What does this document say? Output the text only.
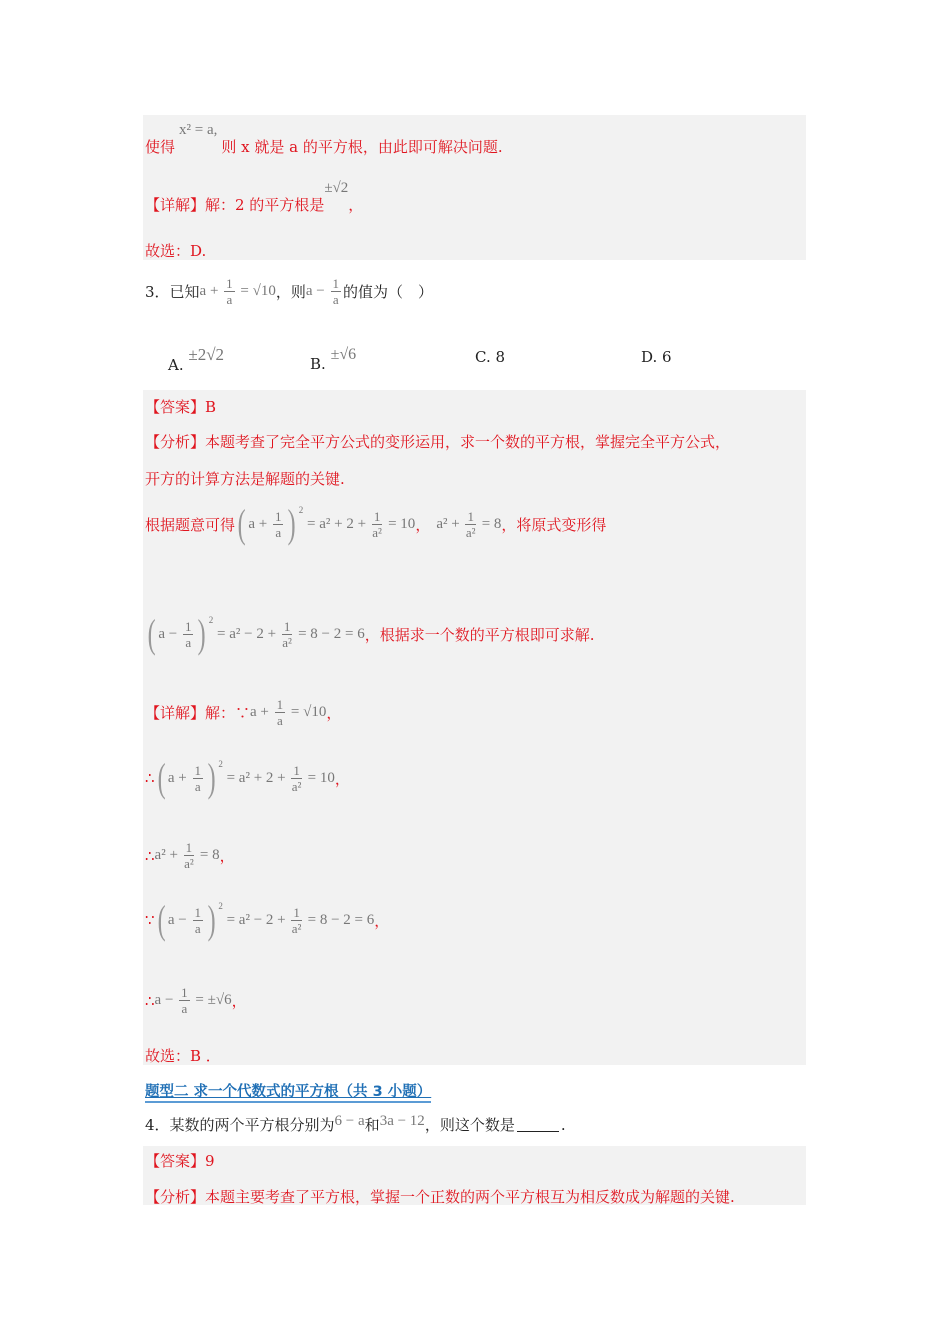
使得
x² = a,
则 x 就是 a 的平方根，由此即可解决问题.
【详解】解：2 的平方根是
±√2
，
故选：D.
3．已知 $a + \frac{1}{a} = √10$ ，则 $a - \frac{1}{a}$ 的值为（　）
A. ±2√2	B. ±√6	C. 8	D. 6
【答案】B
【分析】本题考查了完全平方公式的变形运用，求一个数的平方根，掌握完全平方公式，
开方的计算方法是解题的关键.
根据题意可得 ( $a + \frac{1}{a}$ ) $^2$
= $a^2 + 2 + \frac{1}{\text{a²}} = 10$ ， $a^2 + \frac{1}{\text{a²}} = 8$ ，将原式变形得
( $a - \frac{1}{a}$ ) $^2$
= $a^2 - 2 + \frac{1}{\text{a²}} = 8 - 2 = 6$ ，根据求一个数的平方根即可求解.
【详解】解：∵ $a + \frac{1}{a} = √10$ ，
∴ ( $a + \frac{1}{a}$ ) $^2$
= $a^2 + 2 + \frac{1}{\text{a²}} = 10$ ，
∴ $a^2 + \frac{1}{\text{a²}} = 8$ ，
∵ ( $a - \frac{1}{a}$ ) $^2$
= $a^2 - 2 + \frac{1}{\text{a²}} = 8 - 2 = 6$ ，
∴ $a - \frac{1}{a} = \pm√6$ ，
故选：B ．
题型二 求一个代数式的平方根（共 3 小题）
4．某数的两个平方根分别为 6 − a 和 3a − 12 ，则这个数是	.
【答案】9
【分析】本题主要考查了平方根，掌握一个正数的两个平方根互为相反数成为解题的关键.
